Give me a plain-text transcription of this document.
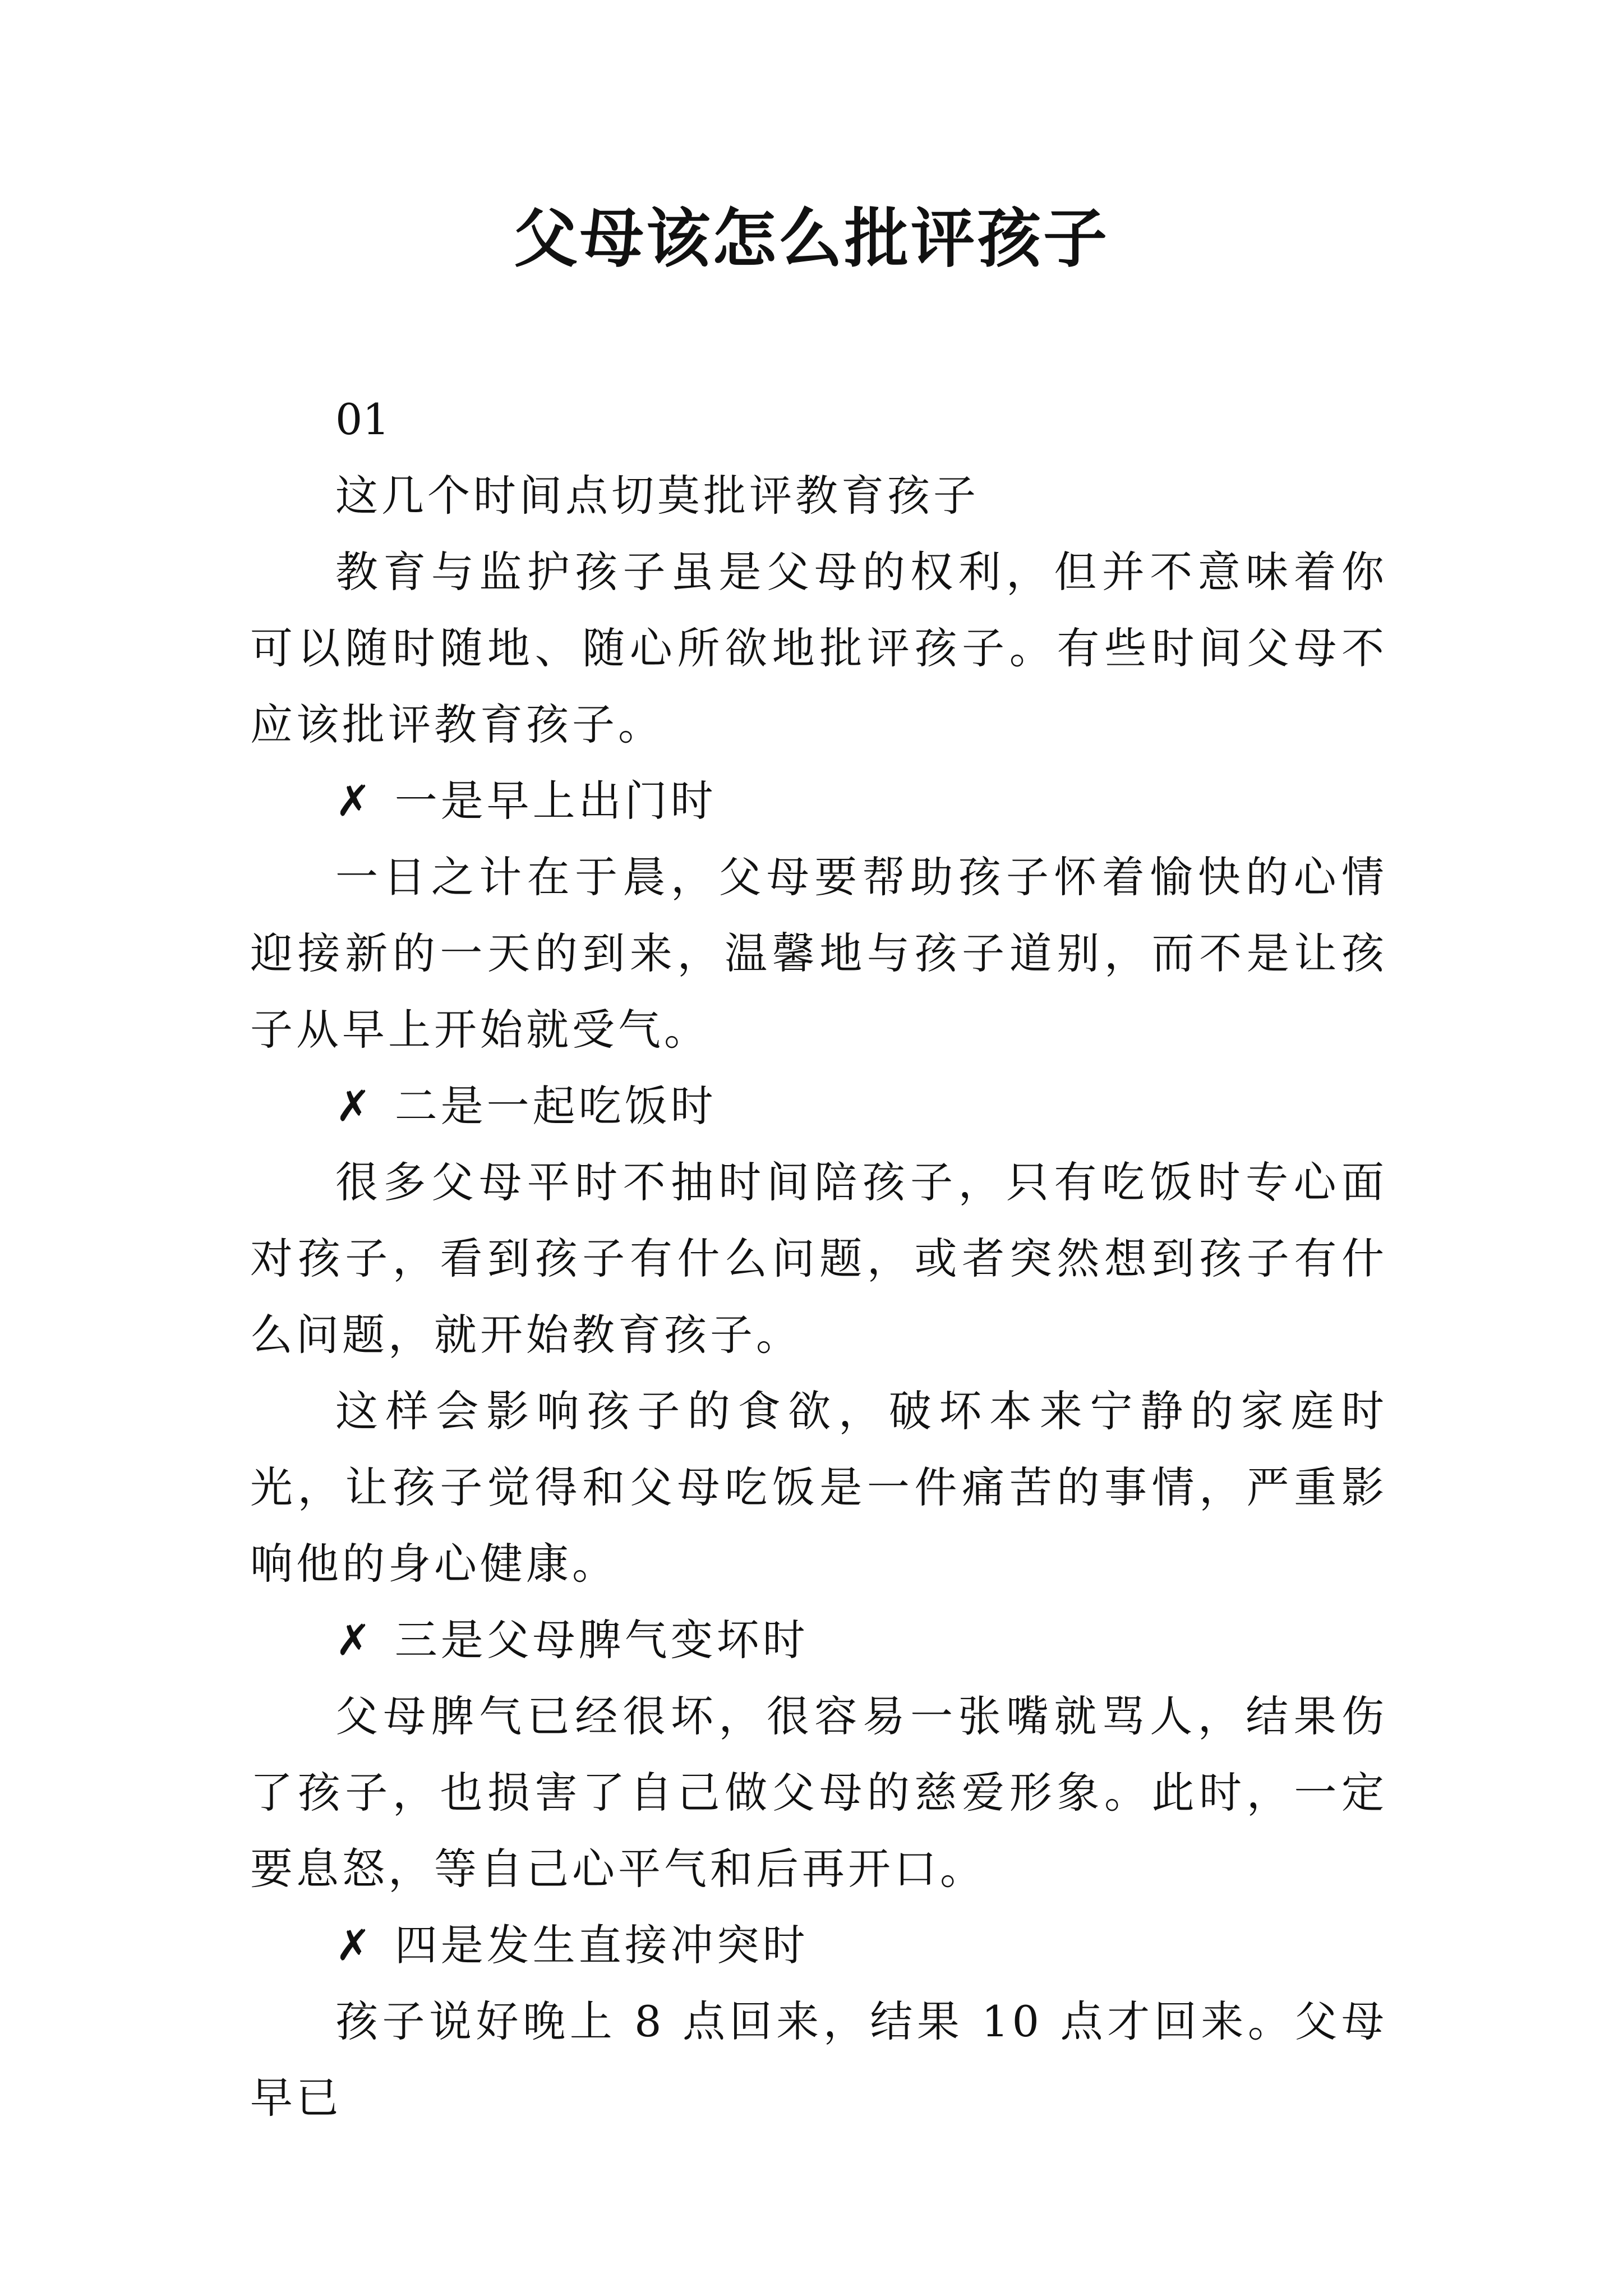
父母该怎么批评孩子

01

这几个时间点切莫批评教育孩子

教育与监护孩子虽是父母的权利，但并不意味着你可以随时随地、随心所欲地批评孩子。有些时间父母不应该批评教育孩子。

✗ 一是早上出门时

一日之计在于晨，父母要帮助孩子怀着愉快的心情迎接新的一天的到来，温馨地与孩子道别，而不是让孩子从早上开始就受气。

✗ 二是一起吃饭时

很多父母平时不抽时间陪孩子，只有吃饭时专心面对孩子，看到孩子有什么问题，或者突然想到孩子有什么问题，就开始教育孩子。

这样会影响孩子的食欲，破坏本来宁静的家庭时光，让孩子觉得和父母吃饭是一件痛苦的事情，严重影响他的身心健康。

✗ 三是父母脾气变坏时

父母脾气已经很坏，很容易一张嘴就骂人，结果伤了孩子，也损害了自己做父母的慈爱形象。此时，一定要息怒，等自己心平气和后再开口。

✗ 四是发生直接冲突时

孩子说好晚上 8 点回来，结果 10 点才回来。父母早已
